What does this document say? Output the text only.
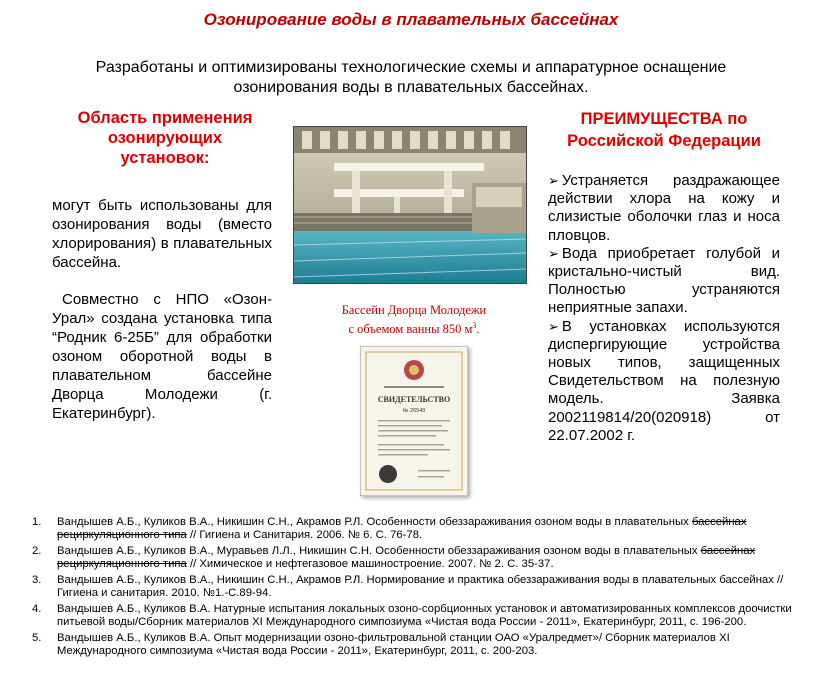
Озонирование воды в плавательных бассейнах
Разработаны и оптимизированы технологические схемы и аппаратурное оснащение
озонирования воды в плавательных бассейнах.
Область применения
озонирующих
установок:
могут быть использованы для озонирования воды (вместо хлорирования) в плавательных бассейна.
Совместно с НПО «Озон-Урал» создана установка типа “Родник 6-25Б” для обработки озоном оборотной воды в плавательном бассейне Дворца Молодежи (г. Екатеринбург).
Бассейн Дворца Молодежи
с объемом ванны 850 $м^3$.
СВИДЕТЕЛЬСТВО
№ 26549
ПРЕИМУЩЕСТВА по
Российской Федерации

➢ Устраняется раздражающее действии хлора на кожу и слизистые оболочки глаз и носа пловцов.

➢ Вода приобретает голубой и кристально-чистый вид. Полностью устраняются неприятные запахи.

➢ В установках используются диспергирующие устройства новых типов, защищенных Свидетельством на полезную модель. Заявка 2002119814/20(020918) от 22.07.2002 г.

1.	Вандышев А.Б., Куликов В.А., Никишин С.Н., Акрамов Р.Л. Особенности обеззараживания озоном воды в плавательных бассейнах рециркуляционного типа // Гигиена и Санитария. 2006. № 6. С. 76-78.
2.	Вандышев А.Б., Куликов В.А., Муравьев Л.Л., Никишин С.Н. Особенности обеззараживания озоном воды в плавательных бассейнах рециркуляционного типа // Химическое и нефтегазовое машиностроение. 2007. № 2. С. 35-37.
3.	Вандышев А.Б., Куликов В.А., Никишин С.Н., Акрамов Р.Л. Нормирование и практика обеззараживания воды в плавательных бассейнах //Гигиена и санитария. 2010. №1.-С.89-94.
4.	Вандышев А.Б., Куликов В.А. Натурные испытания локальных озоно-сорбционных установок и автоматизированных комплексов доочистки питьевой воды/Сборник материалов XI Международного симпозиума «Чистая вода России - 2011», Екатеринбург, 2011, с. 196-200.
5.	Вандышев А.Б., Куликов В.А. Опыт модернизации озоно-фильтровальной станции ОАО «Уралредмет»/ Сборник материалов XI Международного симпозиума «Чистая вода России - 2011», Екатеринбург, 2011, с. 200-203.
